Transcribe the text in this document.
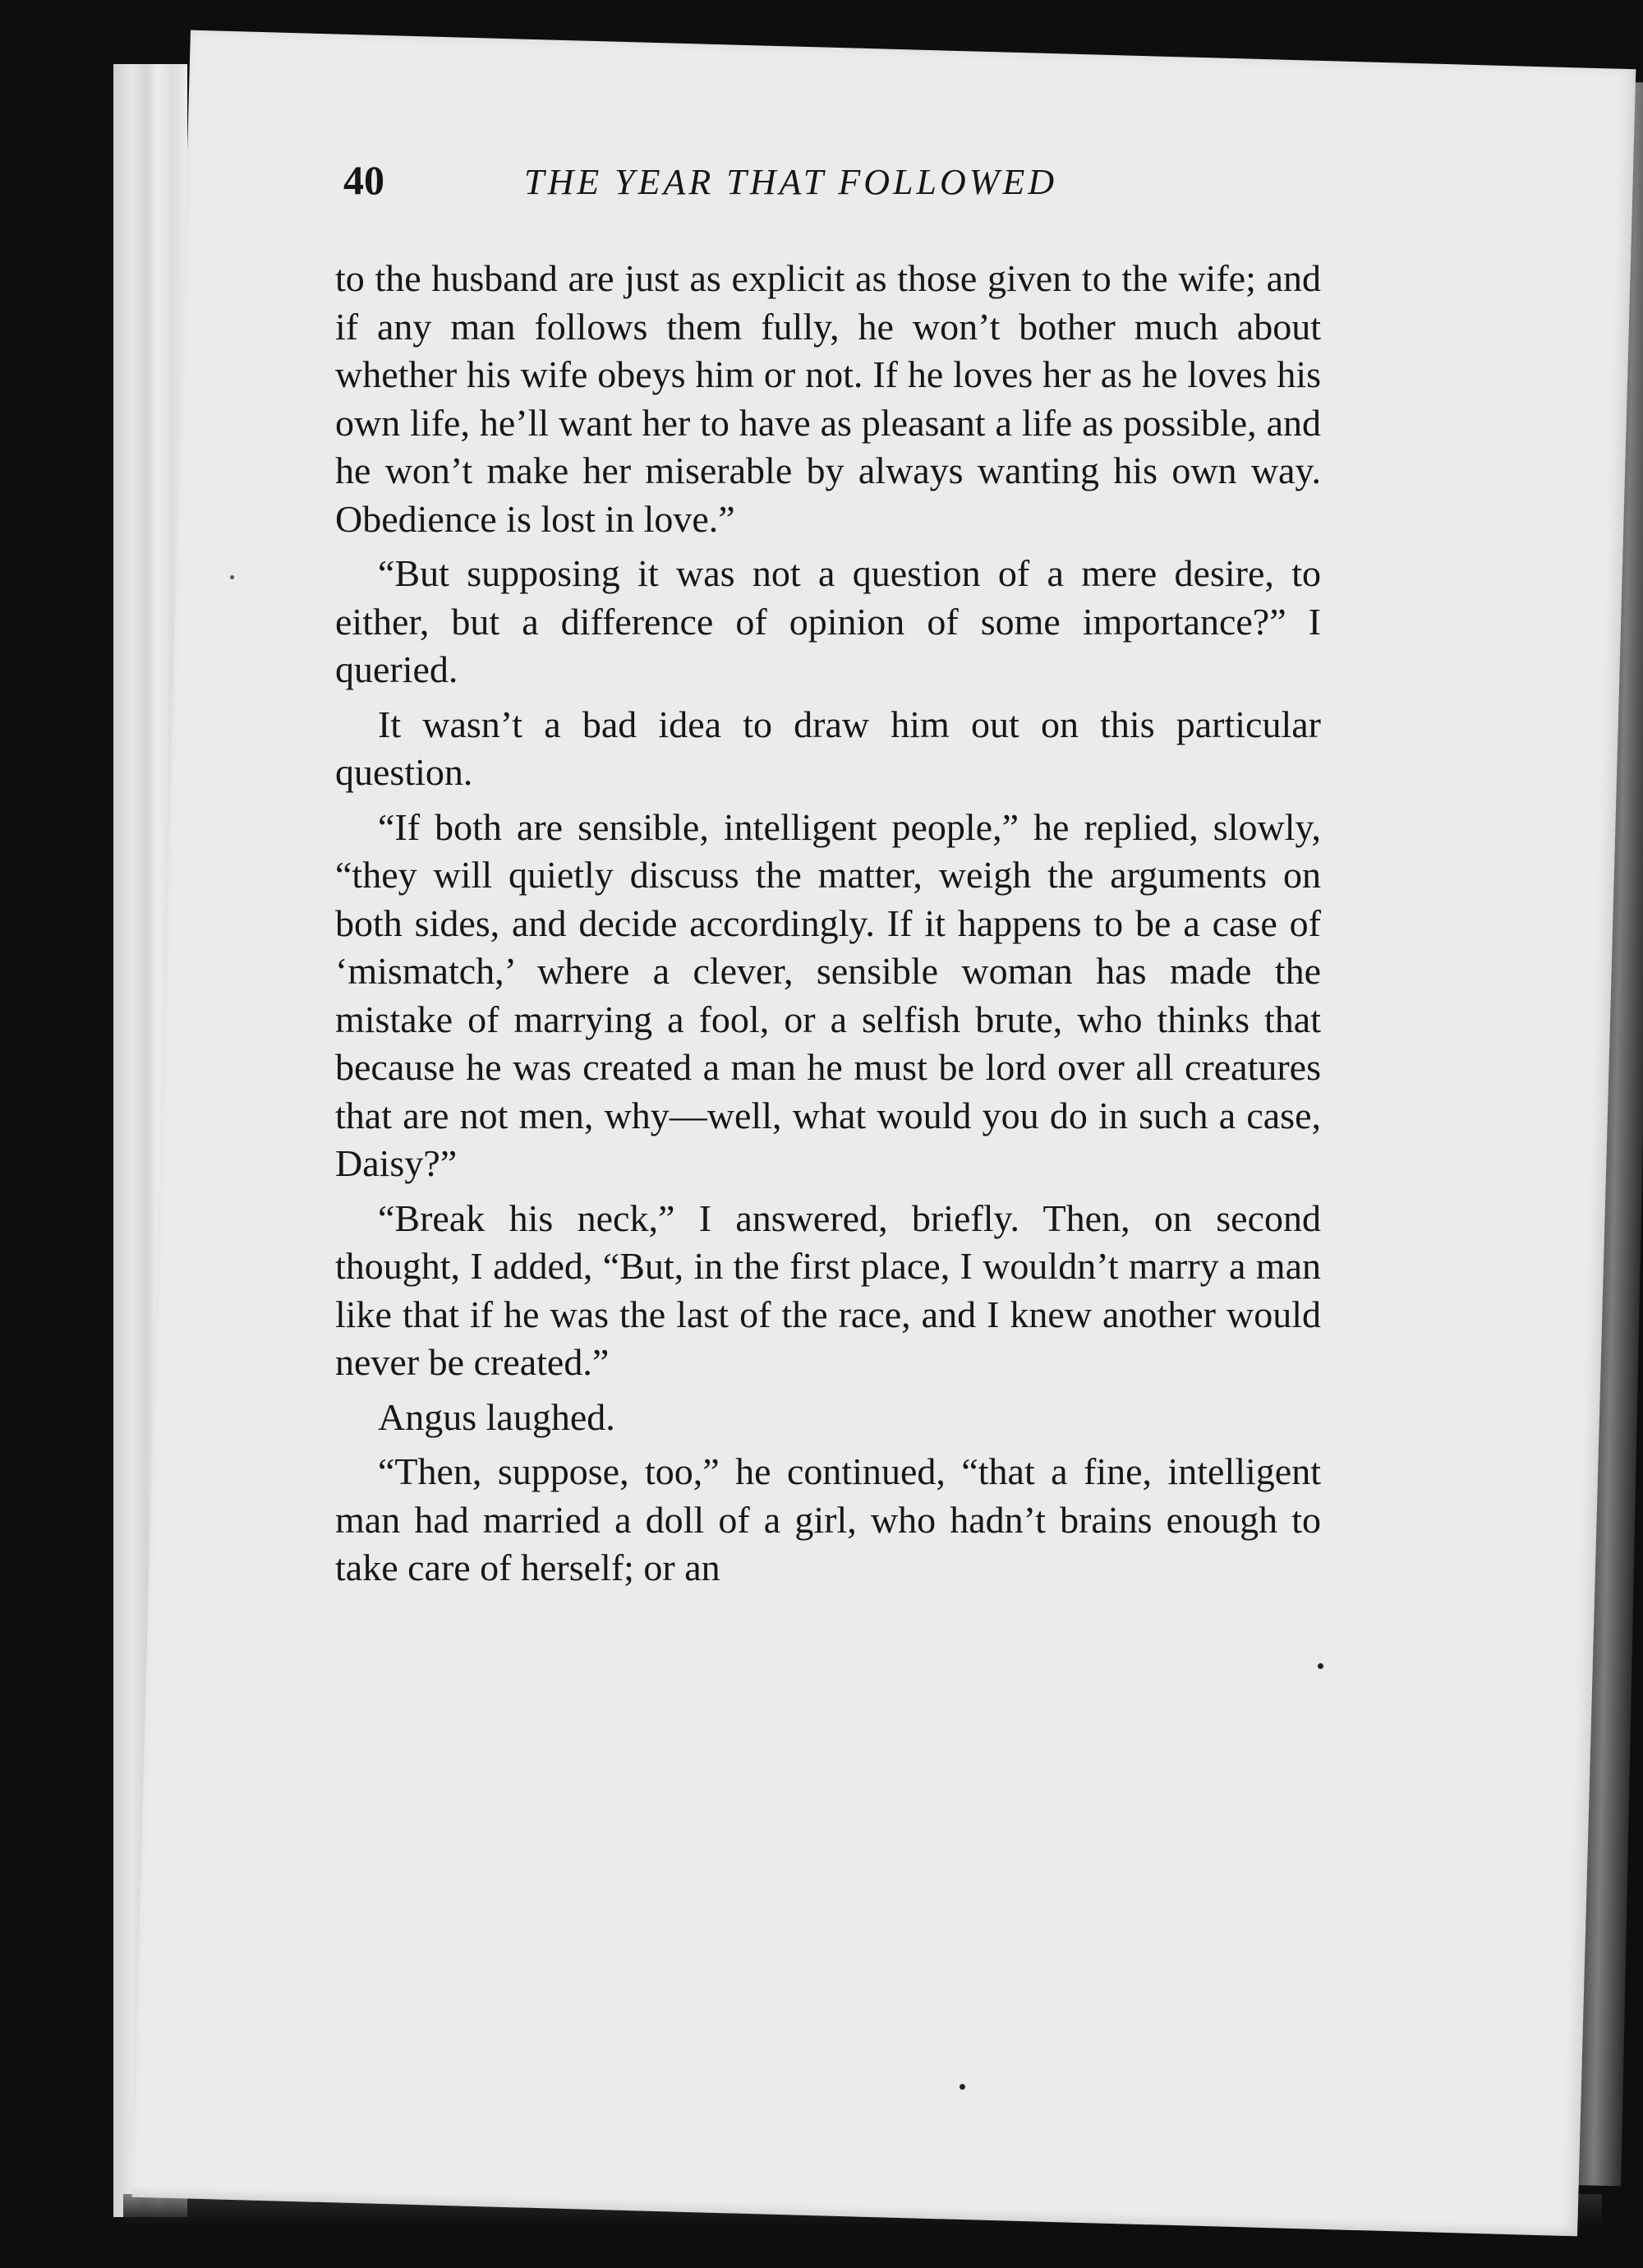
40	THE YEAR THAT FOLLOWED

to the husband are just as explicit as those given to the wife; and if any man follows them fully, he won’t bother much about whether his wife obeys him or not. If he loves her as he loves his own life, he’ll want her to have as pleasant a life as possible, and he won’t make her miserable by always wanting his own way. Obedience is lost in love.”

“But supposing it was not a question of a mere desire, to either, but a difference of opinion of some importance?” I queried.

It wasn’t a bad idea to draw him out on this particular question.

“If both are sensible, intelligent people,” he replied, slowly, “they will quietly discuss the matter, weigh the arguments on both sides, and decide accordingly. If it happens to be a case of ‘mismatch,’ where a clever, sensible woman has made the mistake of marrying a fool, or a selfish brute, who thinks that because he was created a man he must be lord over all creatures that are not men, why—well, what would you do in such a case, Daisy?”

“Break his neck,” I answered, briefly. Then, on second thought, I added, “But, in the first place, I wouldn’t marry a man like that if he was the last of the race, and I knew another would never be created.”

Angus laughed.

“Then, suppose, too,” he continued, “that a fine, intelligent man had married a doll of a girl, who hadn’t brains enough to take care of herself; or an
